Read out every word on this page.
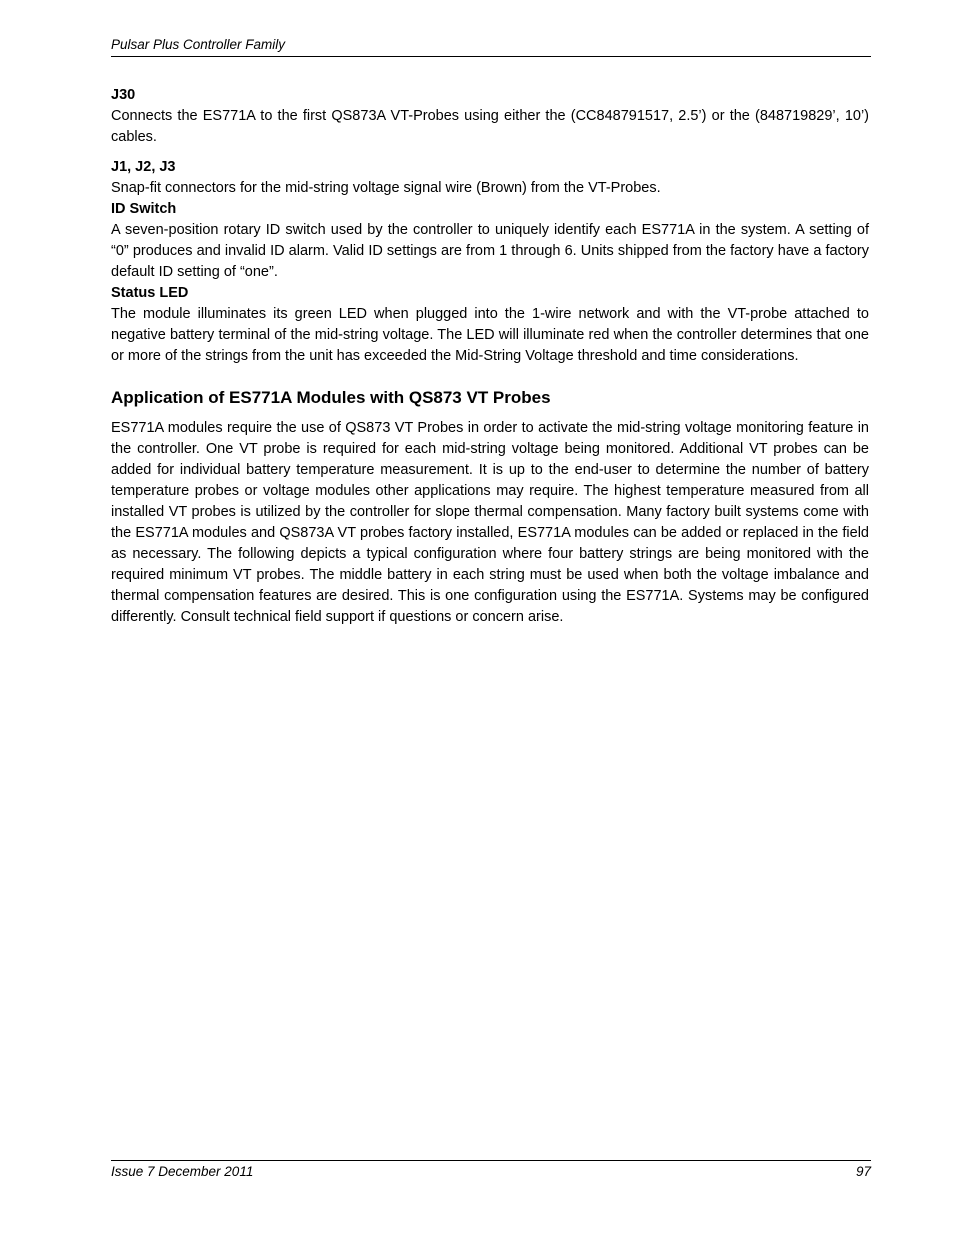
Pulsar Plus Controller Family
J30

Connects the ES771A to the first QS873A VT-Probes using either the (CC848791517, 2.5’) or the (848719829’, 10’) cables.

J1, J2, J3

Snap-fit connectors for the mid-string voltage signal wire (Brown) from the VT-Probes.

ID Switch

A seven-position rotary ID switch used by the controller to uniquely identify each ES771A in the system. A setting of “0” produces and invalid ID alarm. Valid ID settings are from 1 through 6. Units shipped from the factory have a factory default ID setting of “one”.

Status LED

The module illuminates its green LED when plugged into the 1-wire network and with the VT-probe attached to negative battery terminal of the mid-string voltage. The LED will illuminate red when the controller determines that one or more of the strings from the unit has exceeded the Mid-String Voltage threshold and time considerations.

Application of ES771A Modules with QS873 VT Probes

ES771A modules require the use of QS873 VT Probes in order to activate the mid-string voltage monitoring feature in the controller. One VT probe is required for each mid-string voltage being monitored. Additional VT probes can be added for individual battery temperature measurement. It is up to the end-user to determine the number of battery temperature probes or voltage modules other applications may require. The highest temperature measured from all installed VT probes is utilized by the controller for slope thermal compensation. Many factory built systems come with the ES771A modules and QS873A VT probes factory installed, ES771A modules can be added or replaced in the field as necessary. The following depicts a typical configuration where four battery strings are being monitored with the required minimum VT probes. The middle battery in each string must be used when both the voltage imbalance and thermal compensation features are desired. This is one configuration using the ES771A. Systems may be configured differently. Consult technical field support if questions or concern arise.

Issue 7 December 2011	97
